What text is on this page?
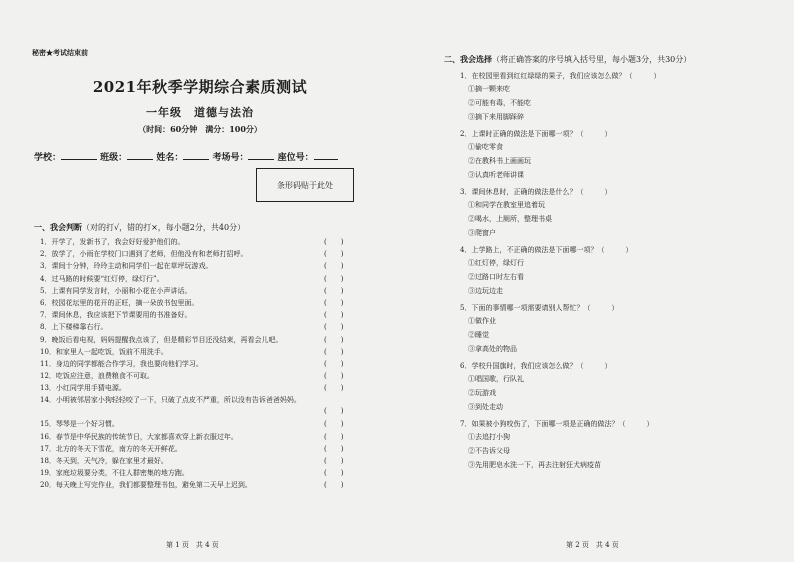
秘密★考试结束前
2021年秋季学期综合素质测试
一年级　道德与法治
（时间：60分钟　满分：100分）
学校：	班级：	姓名：	考场号：	座位号：
条形码贴于此处
一、我会判断（对的打√，错的打×，每小题2分，共40分）
1．开学了，发新书了，我会好好爱护他们的。	(　　)
2．放学了，小雨在学校门口遇到了老师，但他没有和老师打招呼。	(　　)
3．课间十分钟，玲玲主动和同学们一起在草坪玩游戏。	(　　)
4．过马路的时候要“红灯停，绿灯行”。	(　　)
5．上课有同学发言时，小丽和小花在小声讲话。	(　　)
6．校园花坛里的花开的正旺，摘一朵放书包里面。	(　　)
7．课间休息，我应该把下节课要用的书准备好。	(　　)
8．上下楼梯靠右行。	(　　)
9．晚饭后看电视，妈妈提醒我点该了，但是精彩节目还没结束，再看会儿吧。	(　　)
10．和家里人一起吃饭，饭前不用洗手。	(　　)
11．身边的同学都能合作学习，我也要向他们学习。	(　　)
12．吃饭应注意，浪费粮食不可取。	(　　)
13．小红同学用手猜电源。	(　　)
14．小明被邻居家小狗轻轻咬了一下，只破了点皮不严重，所以没有告诉爸爸妈妈。
(　　)
15．琴琴是一个好习惯。	(　　)
16．春节是中华民族的传统节日，大家都喜欢穿上新衣服过年。	(　　)
17．北方的冬天下雪花，南方的冬天开鲜花。	(　　)
18．冬天到，天气冷，躲在家里才最好。	(　　)
19．家庭垃圾要分类，不往人群密集的地方跑。	(　　)
20．每天晚上写完作业，我们都要整理书包，避免第二天早上迟到。	(　　)
二、我会选择（将正确答案的序号填入括号里，每小题3分，共30分）
1．在校园里看到红红绿绿的果子，我们应该怎么做？（　　　）
①摘一颗来吃
②可能有毒，不能吃
③摘下来用脚踩碎
2．上课时正确的做法是下面哪一项？（　　　）
①偷吃零食
②在教科书上画画玩
③认真听老师讲课
3．课间休息时，正确的做法是什么？（　　　）
①和同学在教室里追着玩
②喝水，上厕所，整理书桌
③爬窗户
4．上学路上，不正确的做法是下面哪一项？（　　　）
①红灯停，绿灯行
②过路口时左右看
③边玩边走
5．下面的事情哪一项需要请别人帮忙？（　　　）
①做作业
②睡觉
③拿高处的物品
6．学校升国旗时，我们应该怎么做？（　　　）
①唱国歌，行队礼
②玩游戏
③到处走动
7．如果被小狗咬伤了，下面哪一项是正确的做法？（　　　）
①去追打小狗
②不告诉父母
③先用肥皂水洗一下，再去注射狂犬病疫苗
第 1 页　共 4 页	第 2 页　共 4 页
